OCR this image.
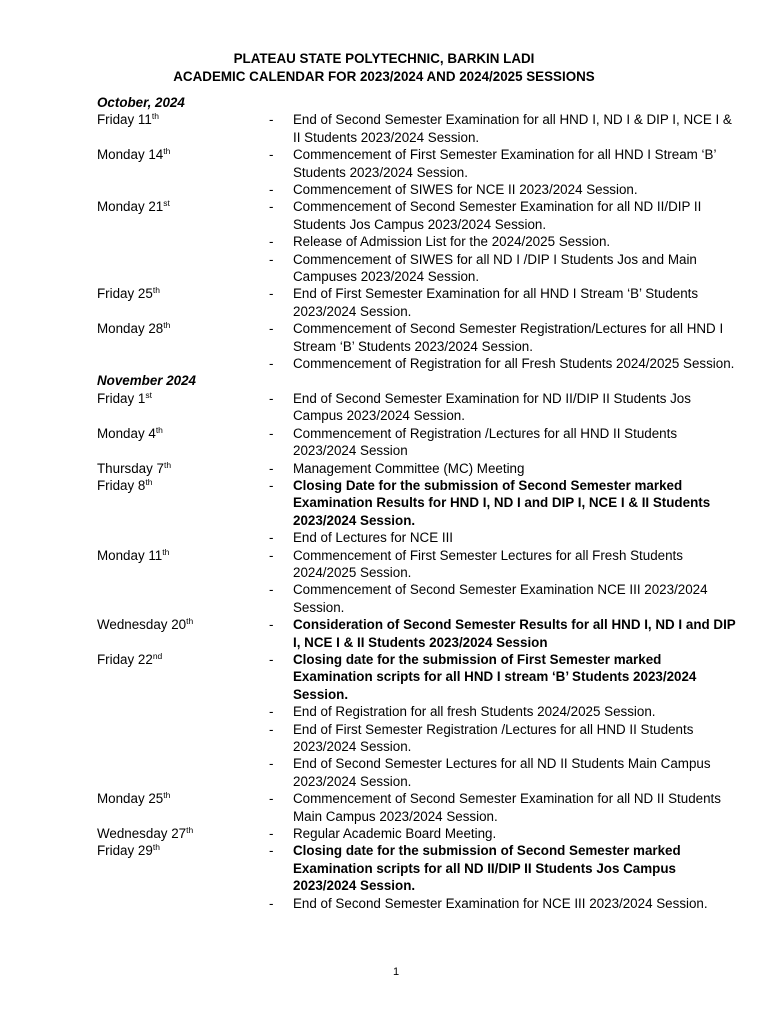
PLATEAU STATE POLYTECHNIC, BARKIN LADI
ACADEMIC CALENDAR FOR 2023/2024 AND 2024/2025 SESSIONS
October, 2024
Friday 11th	-	End of Second Semester Examination for all HND I, ND I & DIP I, NCE I & II Students 2023/2024 Session.
Monday 14th	-	Commencement of First Semester Examination for all HND I Stream ‘B’ Students 2023/2024 Session.
-	Commencement of SIWES for NCE II 2023/2024 Session.
Monday 21st	-	Commencement of Second Semester Examination for all ND II/DIP II Students Jos Campus 2023/2024 Session.
-	Release of Admission List for the 2024/2025 Session.
-	Commencement of SIWES for all ND I /DIP I Students Jos and Main Campuses 2023/2024 Session.
Friday 25th	-	End of First Semester Examination for all HND I Stream ‘B’ Students 2023/2024 Session.
Monday 28th	-	Commencement of Second Semester Registration/Lectures for all HND I Stream ‘B’ Students 2023/2024 Session.
-	Commencement of Registration for all Fresh Students 2024/2025 Session.
November 2024
Friday 1st	-	End of Second Semester Examination for ND II/DIP II Students Jos Campus 2023/2024 Session.
Monday 4th	-	Commencement of Registration /Lectures for all HND II Students 2023/2024 Session
Thursday 7th	-	Management Committee (MC) Meeting
Friday 8th	-	Closing Date for the submission of Second Semester marked Examination Results for HND I, ND I and DIP I, NCE I & II Students 2023/2024 Session.
-	End of Lectures for NCE III
Monday 11th	-	Commencement of First Semester Lectures for all Fresh Students 2024/2025 Session.
-	Commencement of Second Semester Examination NCE III 2023/2024 Session.
Wednesday 20th	-	Consideration of Second Semester Results for all HND I, ND I and DIP I, NCE I & II Students 2023/2024 Session
Friday 22nd	-	Closing date for the submission of First Semester marked Examination scripts for all HND I stream ‘B’ Students 2023/2024 Session.
-	End of Registration for all fresh Students 2024/2025 Session.
-	End of First Semester Registration /Lectures for all HND II Students 2023/2024 Session.
-	End of Second Semester Lectures for all ND II Students Main Campus 2023/2024 Session.
Monday 25th	-	Commencement of Second Semester Examination for all ND II Students Main Campus 2023/2024 Session.
Wednesday 27th	-	Regular Academic Board Meeting.
Friday 29th	-	Closing date for the submission of Second Semester marked Examination scripts for all ND II/DIP II Students Jos Campus 2023/2024 Session.
-	End of Second Semester Examination for NCE III 2023/2024 Session.
1
